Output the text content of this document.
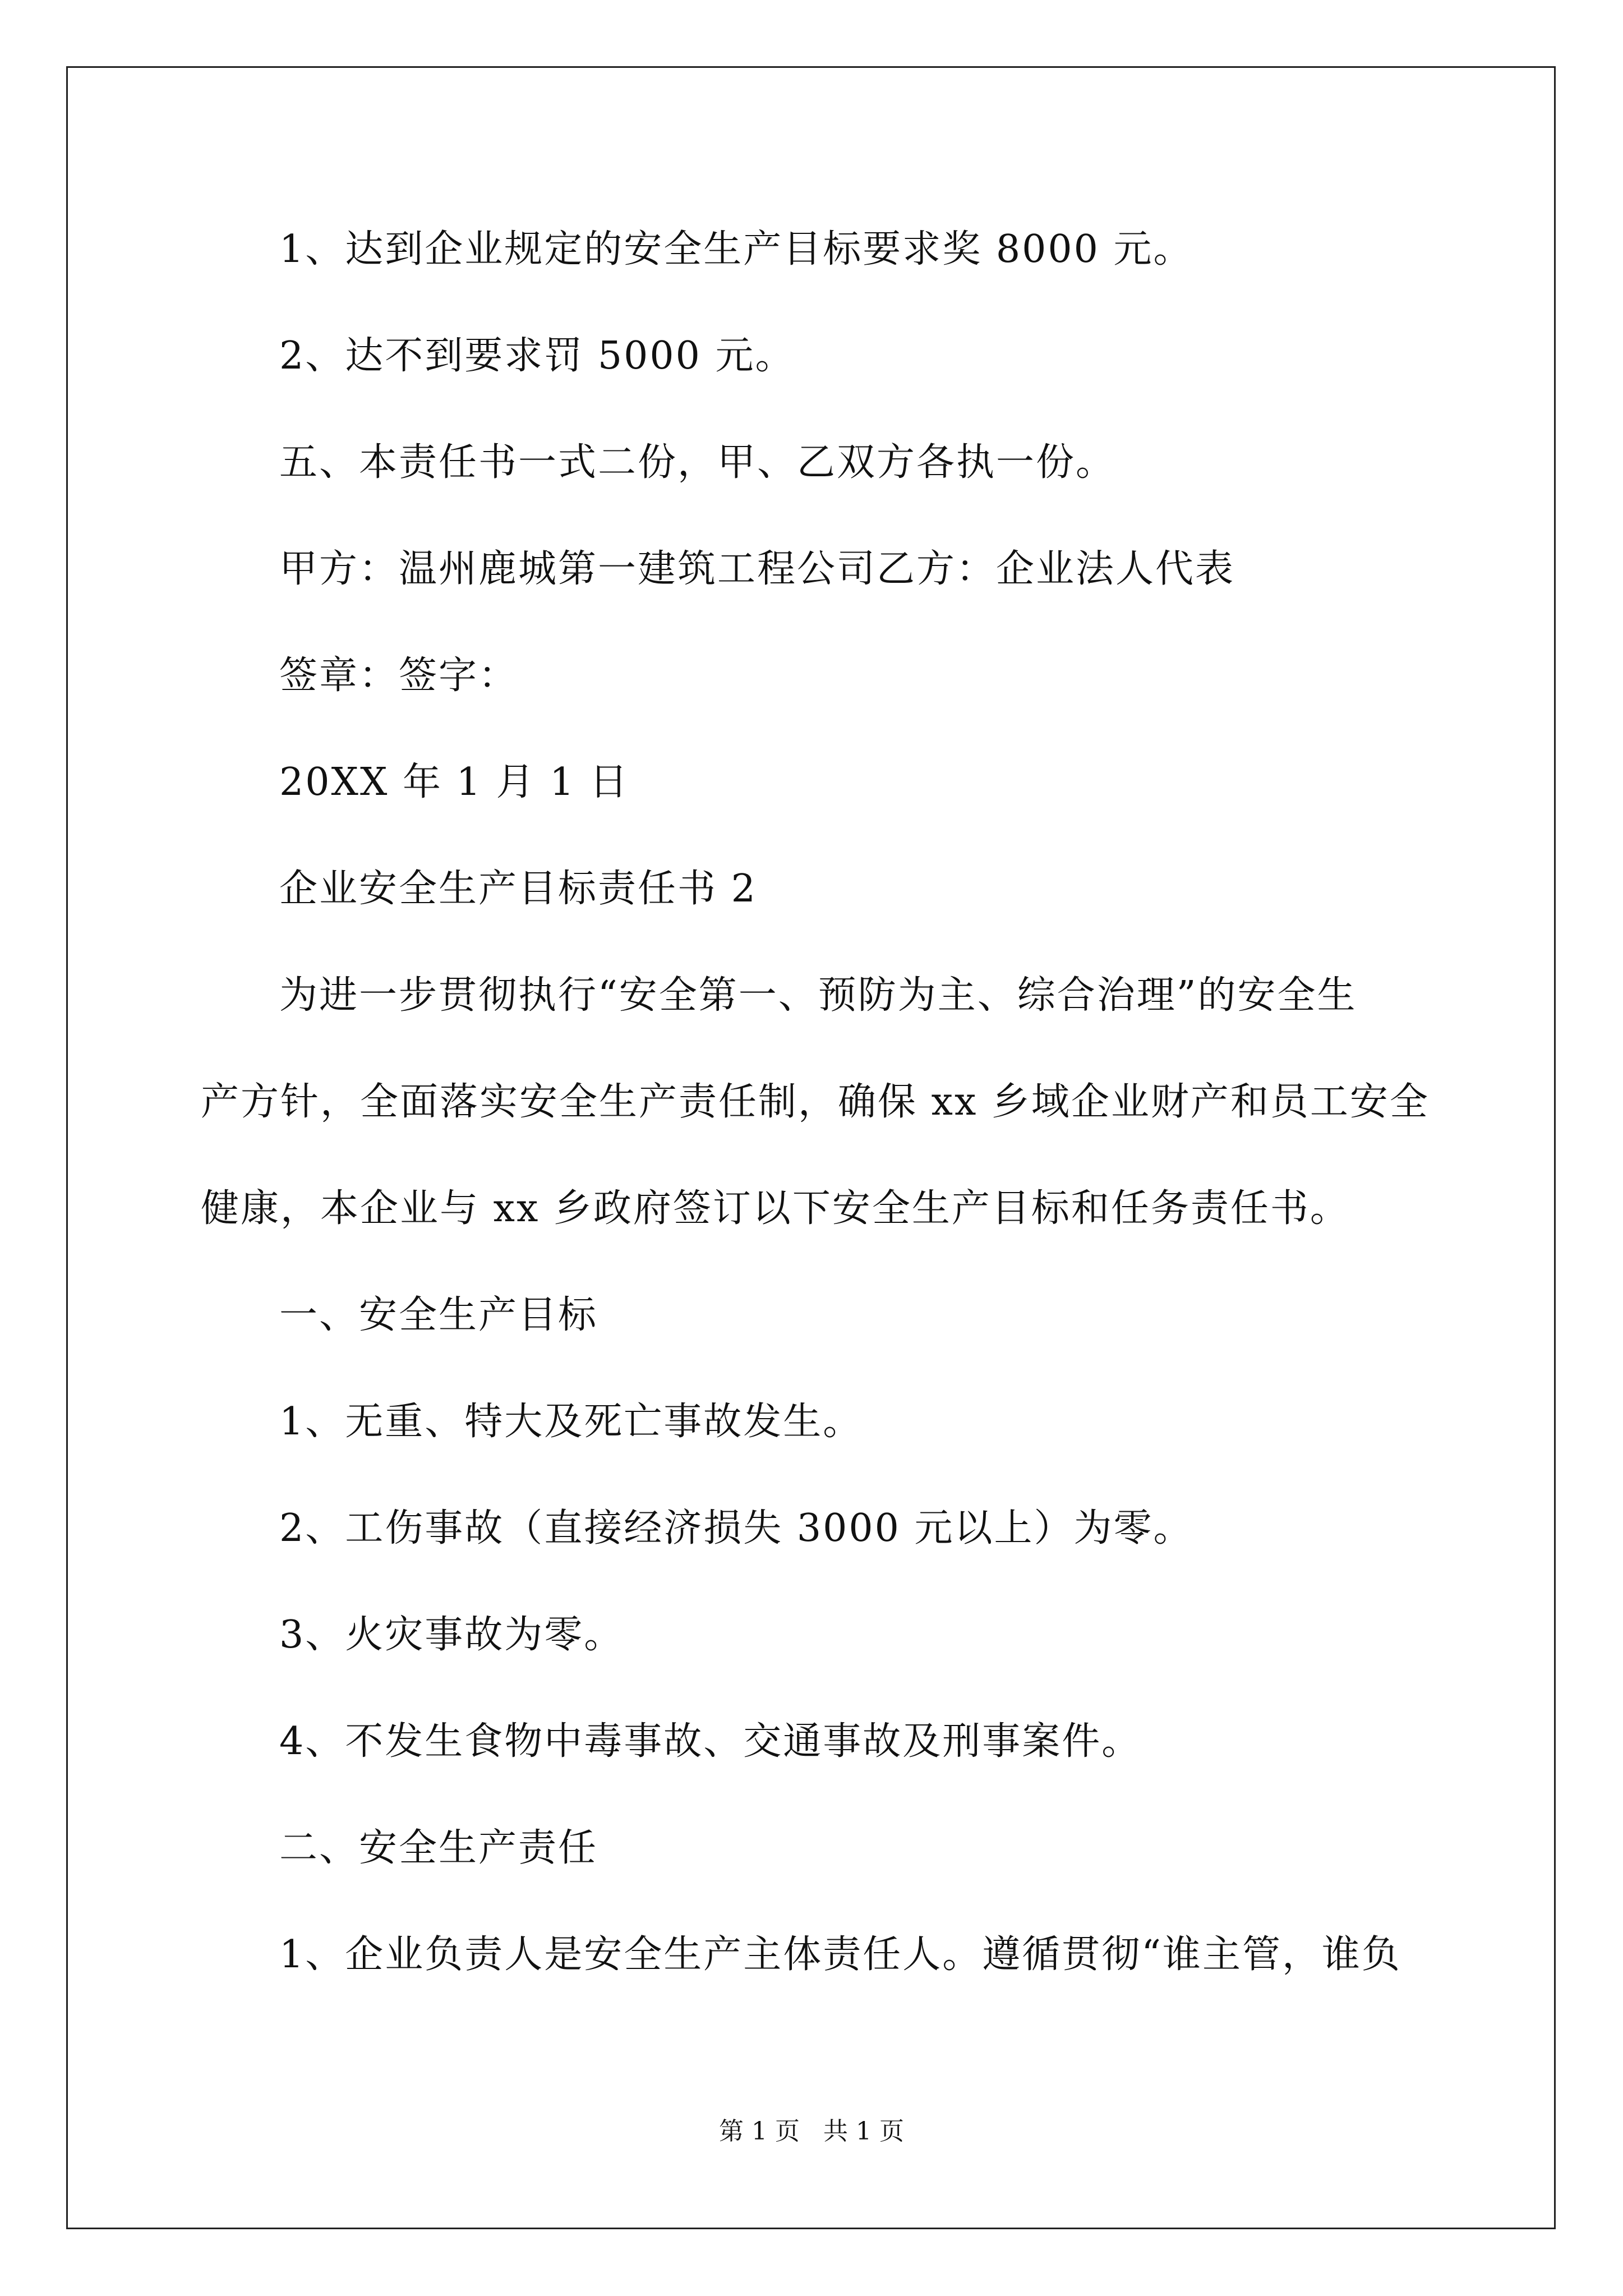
1、达到企业规定的安全生产目标要求奖 8000 元。
2、达不到要求罚 5000 元。
五、本责任书一式二份，甲、乙双方各执一份。
甲方：温州鹿城第一建筑工程公司乙方：企业法人代表
签章：签字：
20XX 年 1 月 1 日
企业安全生产目标责任书 2
为进一步贯彻执行“安全第一、预防为主、综合治理”的安全生
产方针，全面落实安全生产责任制，确保 xx 乡域企业财产和员工安全
健康，本企业与 xx 乡政府签订以下安全生产目标和任务责任书。
一、安全生产目标
1、无重、特大及死亡事故发生。
2、工伤事故（直接经济损失 3000 元以上）为零。
3、火灾事故为零。
4、不发生食物中毒事故、交通事故及刑事案件。
二、安全生产责任
1、企业负责人是安全生产主体责任人。遵循贯彻“谁主管，谁负
第 1 页   共 1 页
